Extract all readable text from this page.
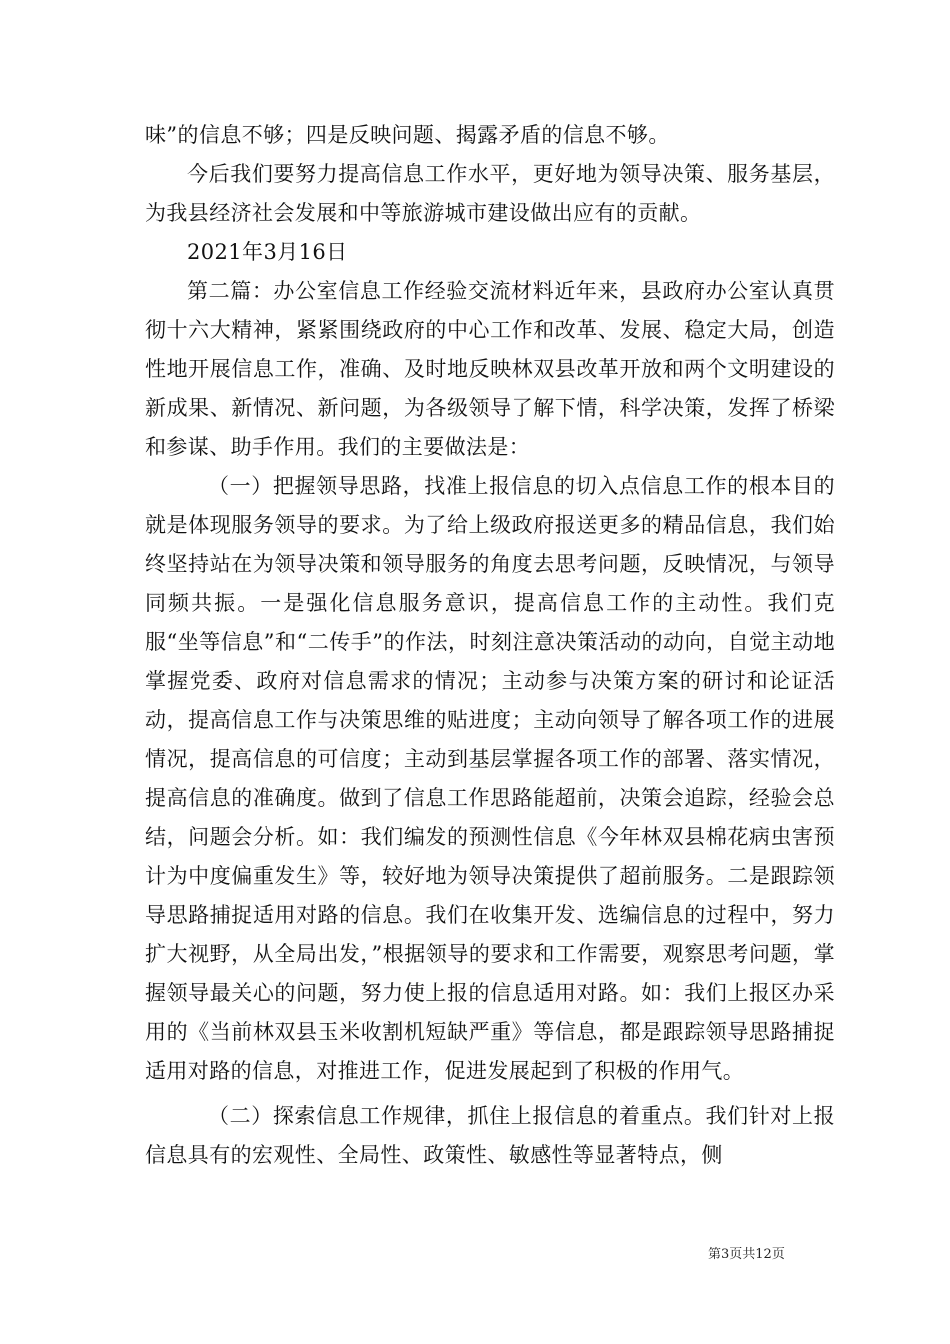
味”的信息不够；四是反映问题、揭露矛盾的信息不够。

今后我们要努力提高信息工作水平，更好地为领导决策、服务基层，为我县经济社会发展和中等旅游城市建设做出应有的贡献。

2021年3月16日

第二篇：办公室信息工作经验交流材料近年来，县政府办公室认真贯彻十六大精神，紧紧围绕政府的中心工作和改革、发展、稳定大局，创造性地开展信息工作，准确、及时地反映林双县改革开放和两个文明建设的新成果、新情况、新问题，为各级领导了解下情，科学决策，发挥了桥梁和参谋、助手作用。我们的主要做法是：

（一）把握领导思路，找准上报信息的切入点信息工作的根本目的就是体现服务领导的要求。为了给上级政府报送更多的精品信息，我们始终坚持站在为领导决策和领导服务的角度去思考问题，反映情况，与领导同频共振。一是强化信息服务意识，提高信息工作的主动性。我们克服“坐等信息”和“二传手”的作法，时刻注意决策活动的动向，自觉主动地掌握党委、政府对信息需求的情况；主动参与决策方案的研讨和论证活动，提高信息工作与决策思维的贴进度；主动向领导了解各项工作的进展情况，提高信息的可信度；主动到基层掌握各项工作的部署、落实情况，提高信息的准确度。做到了信息工作思路能超前，决策会追踪，经验会总结，问题会分析。如：我们编发的预测性信息《今年林双县棉花病虫害预计为中度偏重发生》等，较好地为领导决策提供了超前服务。二是跟踪领导思路捕捉适用对路的信息。我们在收集开发、选编信息的过程中，努力扩大视野，从全局出发，”根据领导的要求和工作需要，观察思考问题，掌握领导最关心的问题，努力使上报的信息适用对路。如：我们上报区办采用的《当前林双县玉米收割机短缺严重》等信息，都是跟踪领导思路捕捉适用对路的信息，对推进工作，促进发展起到了积极的作用气。

（二）探索信息工作规律，抓住上报信息的着重点。我们针对上报信息具有的宏观性、全局性、政策性、敏感性等显著特点，侧

第3页共12页
